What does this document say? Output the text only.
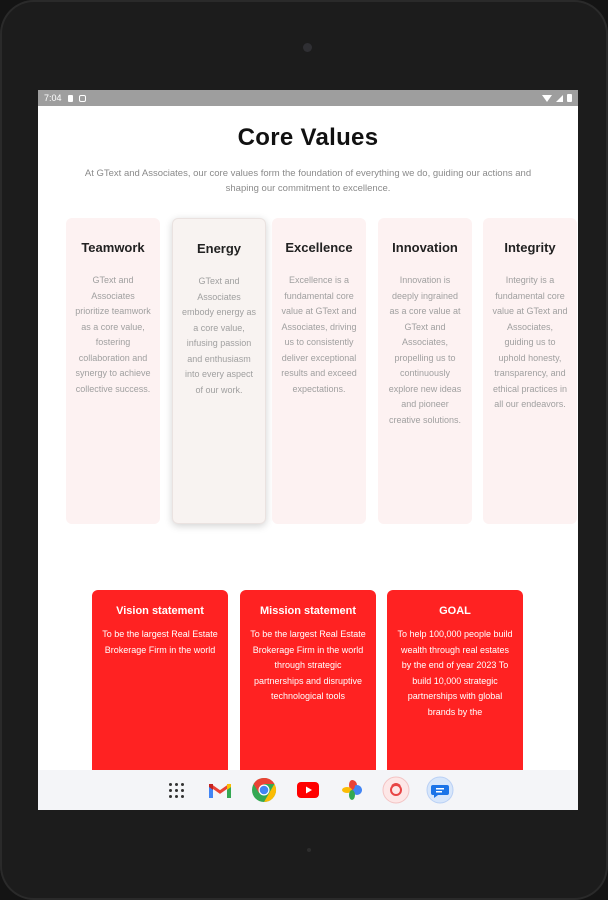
7:04
Core Values
At GText and Associates, our core values form the foundation of everything we do, guiding our actions and shaping our commitment to excellence.
Teamwork
GText and Associates prioritize teamwork as a core value, fostering collaboration and synergy to achieve collective success.
Energy
GText and Associates embody energy as a core value, infusing passion and enthusiasm into every aspect of our work.
Excellence
Excellence is a fundamental core value at GText and Associates, driving us to consistently deliver exceptional results and exceed expectations.
Innovation
Innovation is deeply ingrained as a core value at GText and Associates, propelling us to continuously explore new ideas and pioneer creative solutions.
Integrity
Integrity is a fundamental core value at GText and Associates, guiding us to uphold honesty, transparency, and ethical practices in all our endeavors.
Vision statement
To be the largest Real Estate Brokerage Firm in the world
Mission statement
To be the largest Real Estate Brokerage Firm in the world through strategic partnerships and disruptive technological tools
GOAL
To help 100,000 people build wealth through real estates by the end of year 2023 To build 10,000 strategic partnerships with global brands by the
